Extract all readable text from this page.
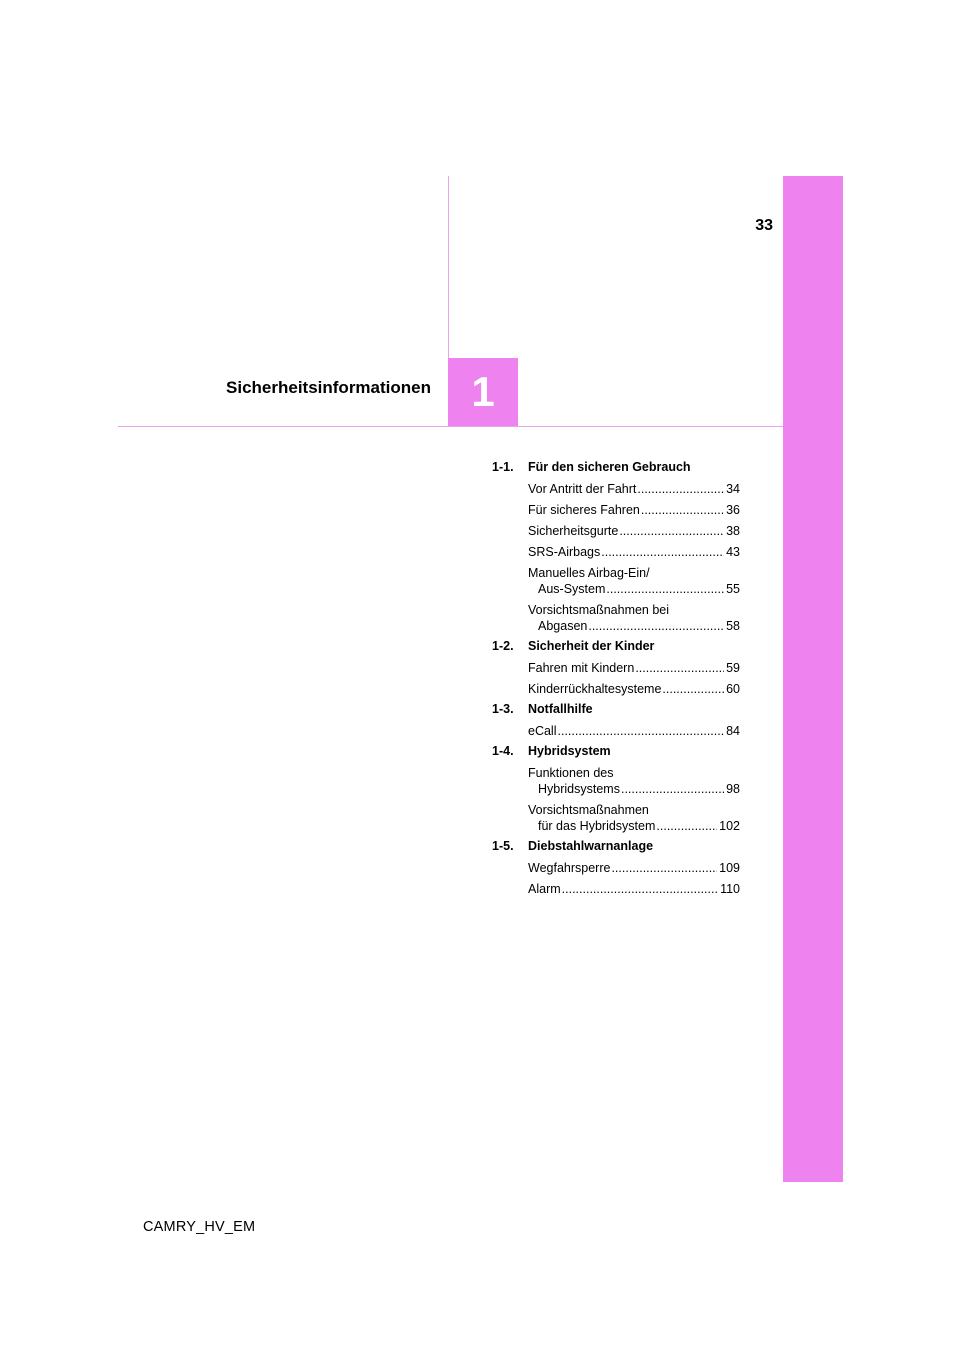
1
Sicherheitsinformationen
33
1-1. Für den sicheren Gebrauch
Vor Antritt der Fahrt .....	34
Für sicheres Fahren .....	36
Sicherheitsgurte .....	38
SRS-Airbags .....	43
Manuelles Airbag-Ein/
Aus-System .....	55
Vorsichtsmaßnahmen bei
Abgasen .....	58
1-2. Sicherheit der Kinder
Fahren mit Kindern .....	59
Kinderrückhaltesysteme .....	60
1-3. Notfallhilfe
eCall .....	84
1-4. Hybridsystem
Funktionen des
Hybridsystems .....	98
Vorsichtsmaßnahmen
für das Hybridsystem .....	102
1-5. Diebstahlwarnanlage
Wegfahrsperre .....	109
Alarm .....	110
CAMRY_HV_EM
